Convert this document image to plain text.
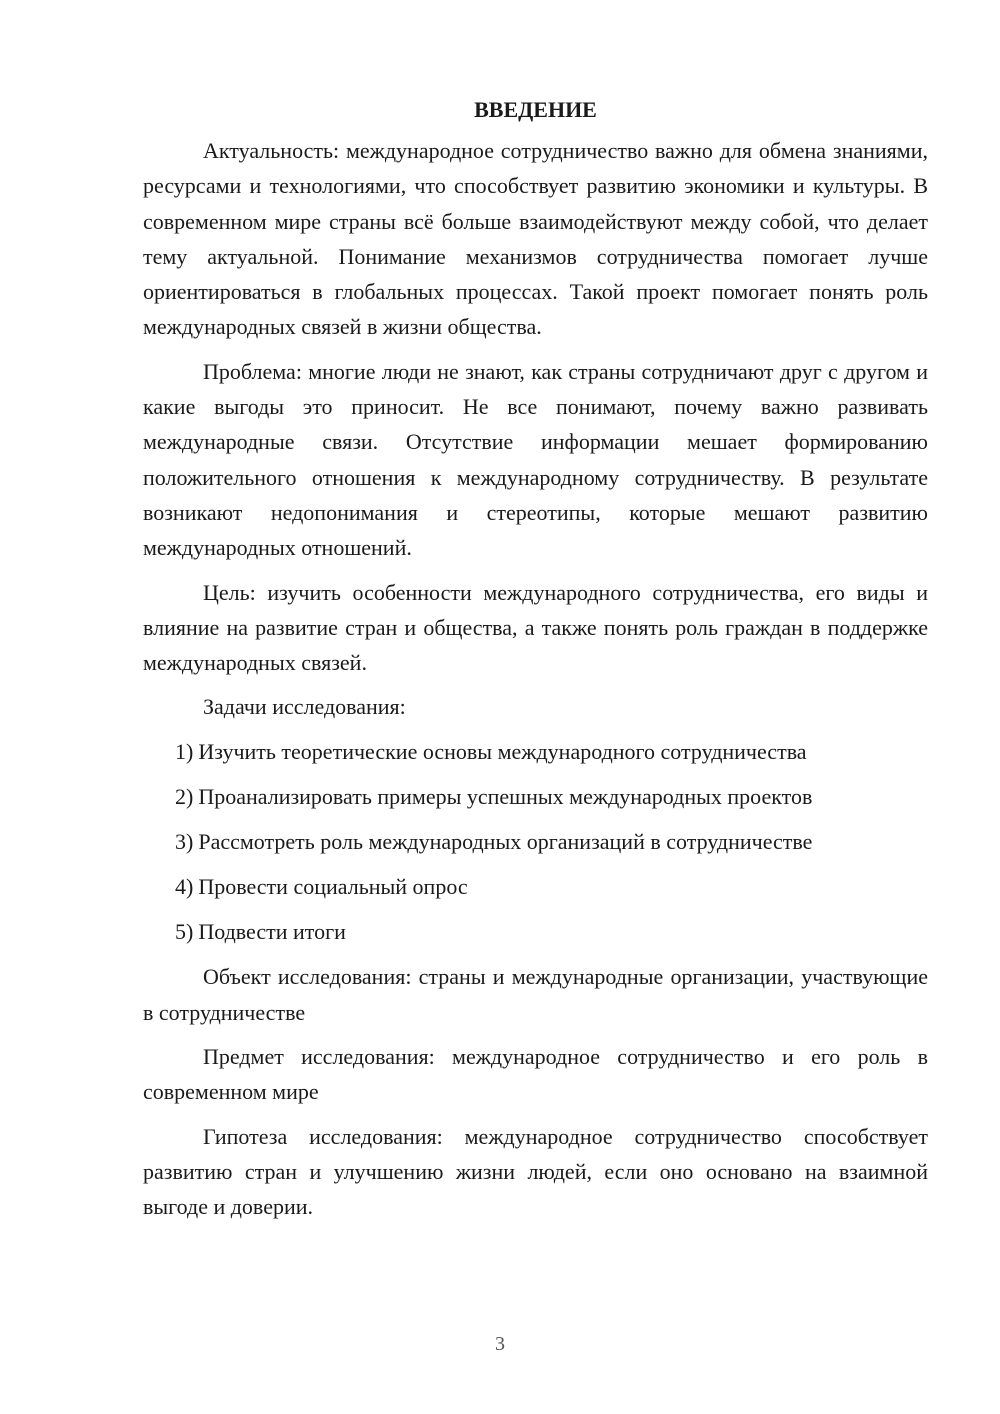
ВВЕДЕНИЕ

Актуальность: международное сотрудничество важно для обмена знаниями, ресурсами и технологиями, что способствует развитию экономики и культуры. В современном мире страны всё больше взаимодействуют между собой, что делает тему актуальной. Понимание механизмов сотрудничества помогает лучше ориентироваться в глобальных процессах. Такой проект помогает понять роль международных связей в жизни общества.

Проблема: многие люди не знают, как страны сотрудничают друг с другом и какие выгоды это приносит. Не все понимают, почему важно развивать международные связи. Отсутствие информации мешает формированию положительного отношения к международному сотрудничеству. В результате возникают недопонимания и стереотипы, которые мешают развитию международных отношений.

Цель: изучить особенности международного сотрудничества, его виды и влияние на развитие стран и общества, а также понять роль граждан в поддержке международных связей.

Задачи исследования:
1) Изучить теоретические основы международного сотрудничества
2) Проанализировать примеры успешных международных проектов
3) Рассмотреть роль международных организаций в сотрудничестве
4) Провести социальный опрос
5) Подвести итоги

Объект исследования: страны и международные организации, участвующие в сотрудничестве

Предмет исследования: международное сотрудничество и его роль в современном мире

Гипотеза исследования: международное сотрудничество способствует развитию стран и улучшению жизни людей, если оно основано на взаимной выгоде и доверии.

3
